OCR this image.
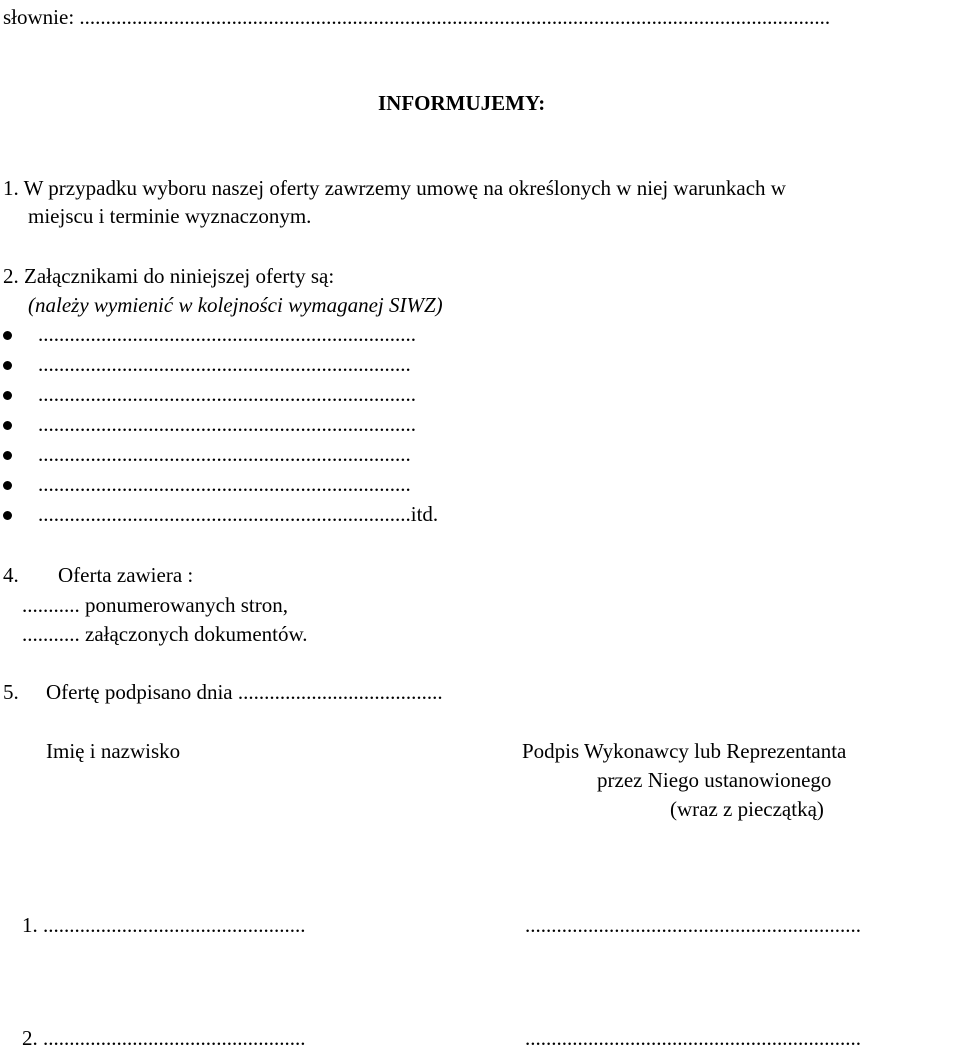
słownie: ...............................................................................................................................................
INFORMUJEMY:
1. W przypadku wyboru naszej oferty zawrzemy umowę na określonych w niej warunkach w
miejscu i terminie wyznaczonym.
2. Załącznikami do niniejszej oferty są:
(należy wymienić w kolejności wymaganej SIWZ)
........................................................................
.......................................................................
........................................................................
........................................................................
.......................................................................
.......................................................................
.......................................................................itd.
4. Oferta zawiera :
........... ponumerowanych stron,
........... załączonych dokumentów.
5. Ofertę podpisano dnia .......................................
Imię i nazwisko	Podpis Wykonawcy lub Reprezentanta
przez Niego ustanowionego
(wraz z pieczątką)
1. ..................................................	................................................................
2. ..................................................	................................................................
